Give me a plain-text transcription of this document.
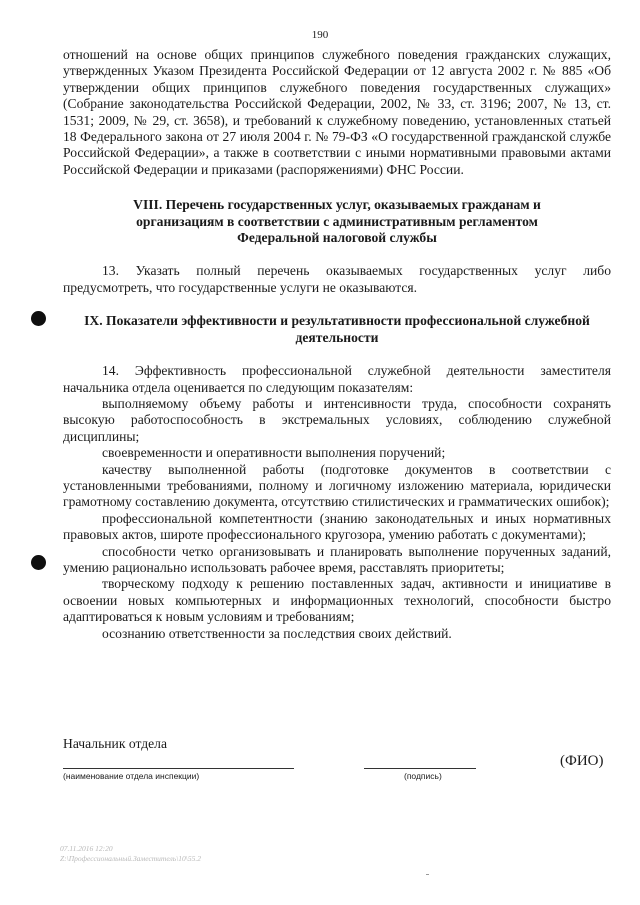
190

отношений на основе общих принципов служебного поведения гражданских служащих, утвержденных Указом Президента Российской Федерации от 12 августа 2002 г. № 885 «Об утверждении общих принципов служебного поведения государственных служащих» (Собрание законодательства Российской Федерации, 2002, № 33, ст. 3196; 2007, № 13, ст. 1531; 2009, № 29, ст. 3658), и требований к служебному поведению, установленных статьей 18 Федерального закона от 27 июля 2004 г. № 79-ФЗ «О государственной гражданской службе Российской Федерации», а также в соответствии с иными нормативными правовыми актами Российской Федерации и приказами (распоряжениями) ФНС России.

VIII. Перечень государственных услуг, оказываемых гражданам и организациям в соответствии с административным регламентом Федеральной налоговой службы

13. Указать полный перечень оказываемых государственных услуг либо предусмотреть, что государственные услуги не оказываются.

IX. Показатели эффективности и результативности профессиональной служебной деятельности

14. Эффективность профессиональной служебной деятельности заместителя начальника отдела оценивается по следующим показателям:

выполняемому объему работы и интенсивности труда, способности сохранять высокую работоспособность в экстремальных условиях, соблюдению служебной дисциплины;

своевременности и оперативности выполнения поручений;

качеству выполненной работы (подготовке документов в соответствии с установленными требованиями, полному и логичному изложению материала, юридически грамотному составлению документа, отсутствию стилистических и грамматических ошибок);

профессиональной компетентности (знанию законодательных и иных нормативных правовых актов, широте профессионального кругозора, умению работать с документами);

способности четко организовывать и планировать выполнение порученных заданий, умению рационально использовать рабочее время, расставлять приоритеты;

творческому подходу к решению поставленных задач, активности и инициативе в освоении новых компьютерных и информационных технологий, способности быстро адаптироваться к новым условиям и требованиям;

осознанию ответственности за последствия своих действий.

Начальник отдела
(наименование отдела инспекции)	(подпись)
(ФИО)
07.11.2016 12:20
Z:\Профессиональный.Заместитель\10\55.2
